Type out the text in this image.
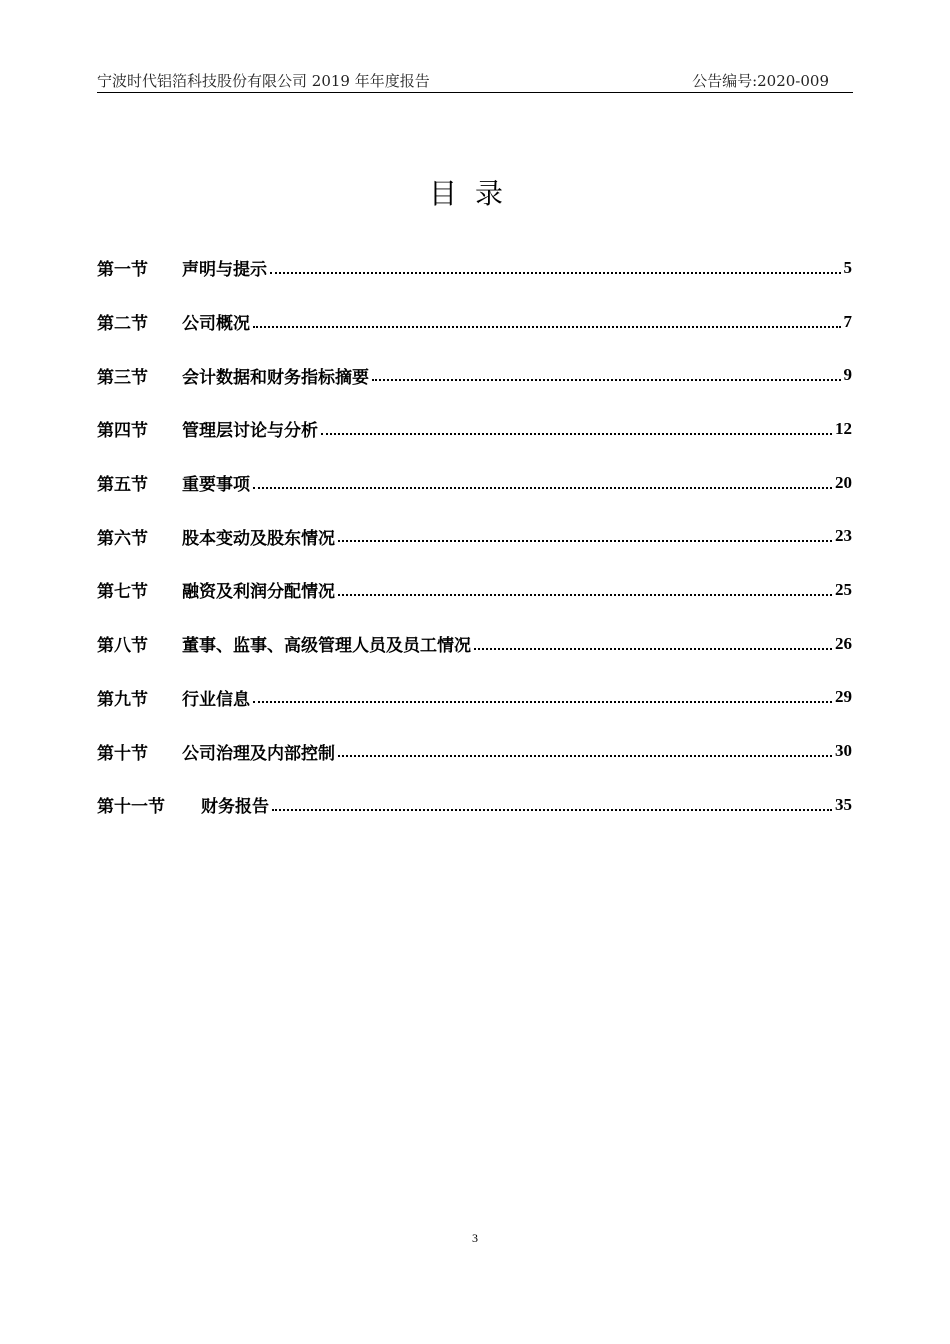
宁波时代铝箔科技股份有限公司 2019 年年度报告	公告编号:2020-009
目录
第一节	声明与提示	5
第二节	公司概况	7
第三节	会计数据和财务指标摘要	9
第四节	管理层讨论与分析	12
第五节	重要事项	20
第六节	股本变动及股东情况	23
第七节	融资及利润分配情况	25
第八节	董事、监事、高级管理人员及员工情况	26
第九节	行业信息	29
第十节	公司治理及内部控制	30
第十一节	财务报告	35
3
